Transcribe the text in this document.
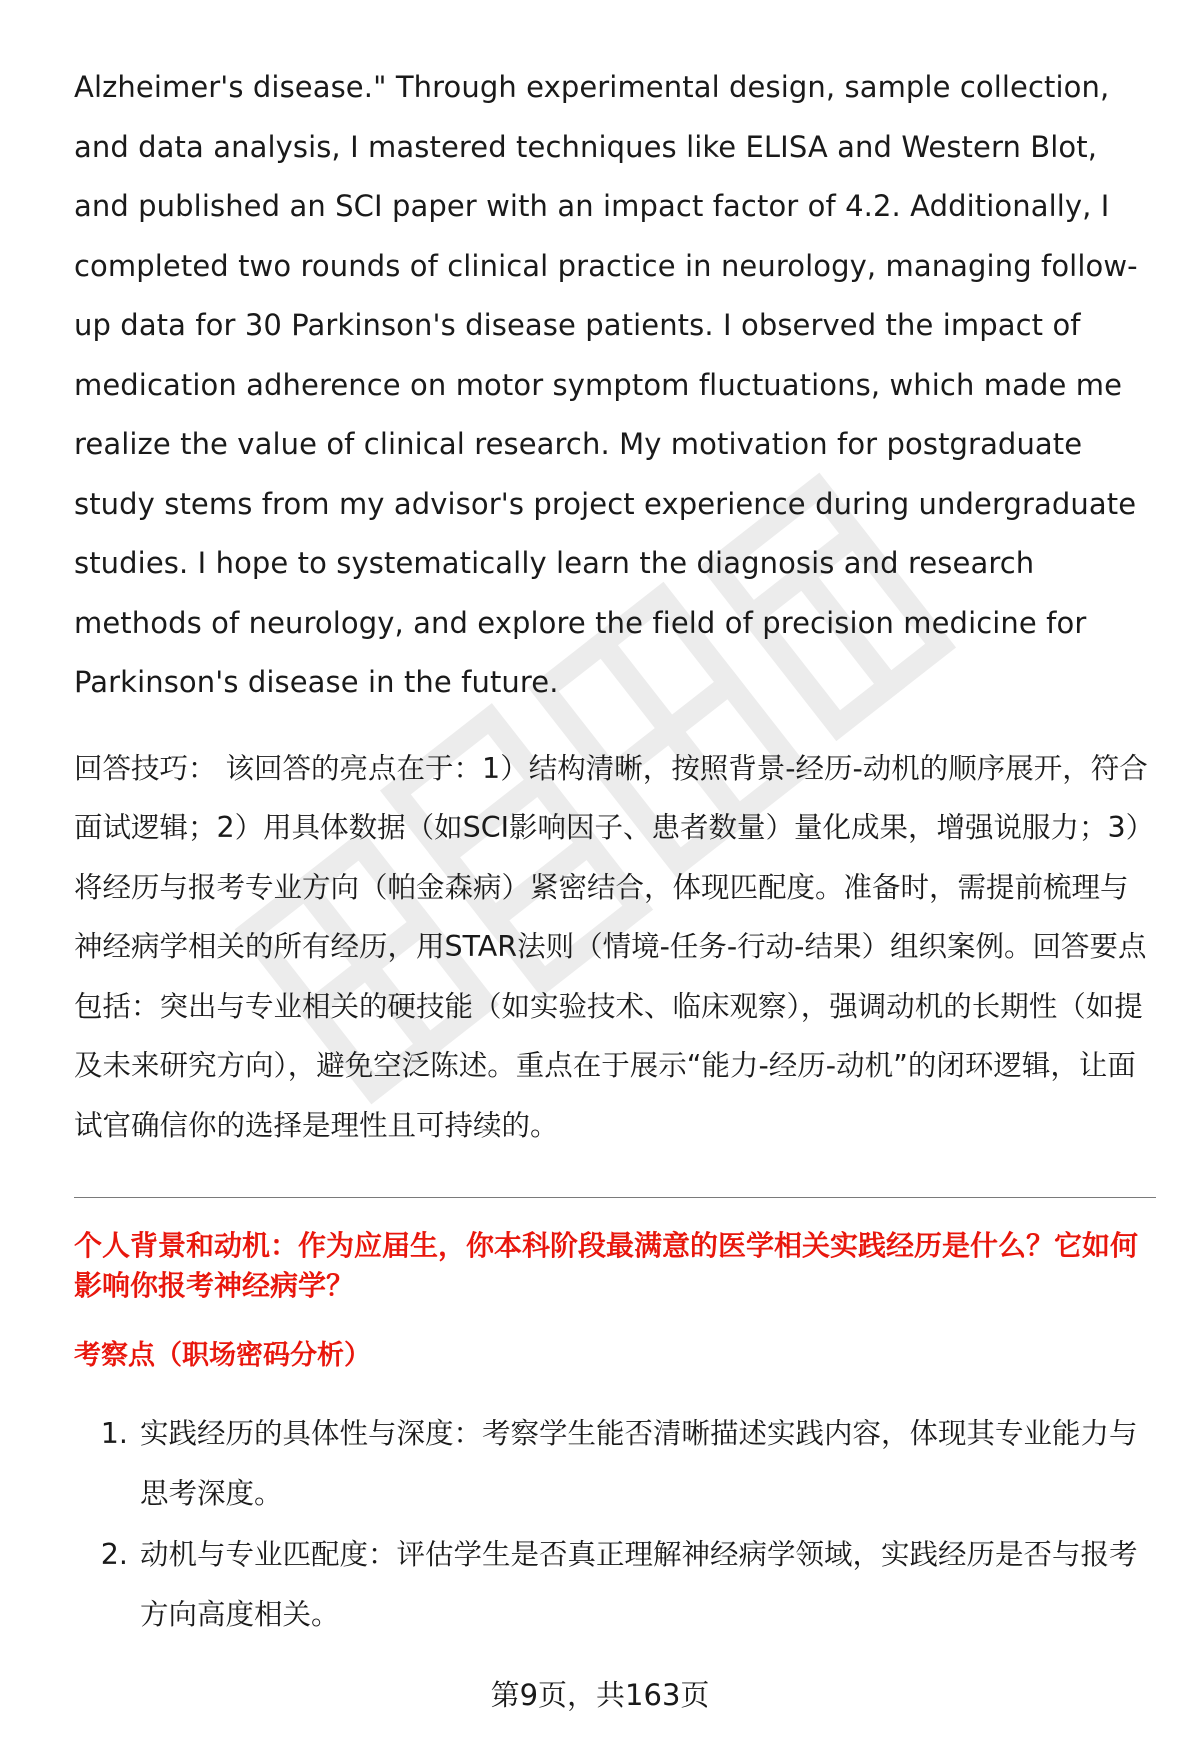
Alzheimer's disease." Through experimental design, sample collection, and data analysis, I mastered techniques like ELISA and Western Blot, and published an SCI paper with an impact factor of 4.2. Additionally, I completed two rounds of clinical practice in neurology, managing follow-up data for 30 Parkinson's disease patients. I observed the impact of medication adherence on motor symptom fluctuations, which made me realize the value of clinical research. My motivation for postgraduate study stems from my advisor's project experience during undergraduate studies. I hope to systematically learn the diagnosis and research methods of neurology, and explore the field of precision medicine for Parkinson's disease in the future.

回答技巧： 该回答的亮点在于：1）结构清晰，按照背景-经历-动机的顺序展开，符合面试逻辑；2）用具体数据（如SCI影响因子、患者数量）量化成果，增强说服力；3）将经历与报考专业方向（帕金森病）紧密结合，体现匹配度。准备时，需提前梳理与神经病学相关的所有经历，用STAR法则（情境-任务-行动-结果）组织案例。回答要点包括：突出与专业相关的硬技能（如实验技术、临床观察），强调动机的长期性（如提及未来研究方向），避免空泛陈述。重点在于展示“能力-经历-动机”的闭环逻辑，让面试官确信你的选择是理性且可持续的。

个人背景和动机：作为应届生，你本科阶段最满意的医学相关实践经历是什么？它如何影响你报考神经病学？
考察点（职场密码分析）
1. 实践经历的具体性与深度：考察学生能否清晰描述实践内容，体现其专业能力与思考深度。
2. 动机与专业匹配度：评估学生是否真正理解神经病学领域，实践经历是否与报考方向高度相关。
第9页，共163页
